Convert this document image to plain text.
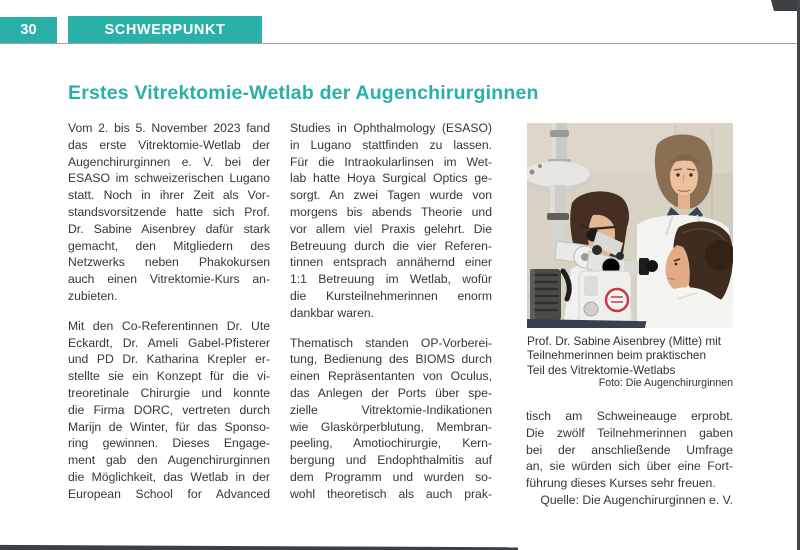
30	SCHWERPUNKT
Erstes Vitrektomie-Wetlab der Augenchirurginnen
Vom 2. bis 5. November 2023 fand
das erste Vitrektomie-Wetlab der
Augenchirurginnen e. V. bei der
ESASO im schweizerischen Lugano
statt. Noch in ihrer Zeit als Vor-
standsvorsitzende hatte sich Prof.
Dr. Sabine Aisenbrey dafür stark
gemacht, den Mitgliedern des
Netzwerks neben Phakokursen
auch einen Vitrektomie-Kurs an-
zubieten.
Mit den Co-Referentinnen Dr. Ute
Eckardt, Dr. Ameli Gabel-Pfisterer
und PD Dr. Katharina Krepler er-
stellte sie ein Konzept für die vi-
treoretinale Chirurgie und konnte
die Firma DORC, vertreten durch
Marijn de Winter, für das Sponso-
ring gewinnen. Dieses Engage-
ment gab den Augenchirurginnen
die Möglichkeit, das Wetlab in der
European School for Advanced
Studies in Ophthalmology (ESASO)
in Lugano stattfinden zu lassen.
Für die Intraokularlinsen im Wet-
lab hatte Hoya Surgical Optics ge-
sorgt. An zwei Tagen wurde von
morgens bis abends Theorie und
vor allem viel Praxis gelehrt. Die
Betreuung durch die vier Referen-
tinnen entsprach annähernd einer
1:1 Betreuung im Wetlab, wofür
die Kursteilnehmerinnen enorm
dankbar waren.
Thematisch standen OP-Vorberei-
tung, Bedienung des BIOMS durch
einen Repräsentanten von Oculus,
das Anlegen der Ports über spe-
zielle Vitrektomie-Indikationen
wie Glaskörperblutung, Membran-
peeling, Amotiochirurgie, Kern-
bergung und Endophthalmitis auf
dem Programm und wurden so-
wohl theoretisch als auch prak-
Prof. Dr. Sabine Aisenbrey (Mitte) mit
Teilnehmerinnen beim praktischen
Teil des Vitrektomie-Wetlabs
Foto: Die Augenchirurginnen
tisch am Schweineauge erprobt.
Die zwölf Teilnehmerinnen gaben
bei der anschließende Umfrage
an, sie würden sich über eine Fort-
führung dieses Kurses sehr freuen.
Quelle: Die Augenchirurginnen e. V.
